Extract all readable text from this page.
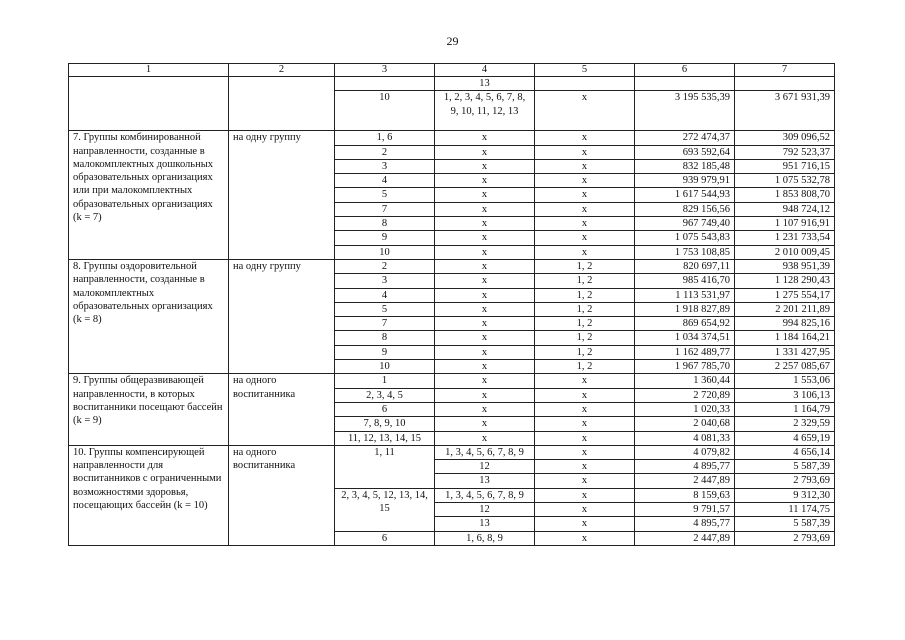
29
1	2	3	4	5	6	7
			13			
		10	1, 2, 3, 4, 5, 6, 7, 8, 9, 10, 11, 12, 13	x	3 195 535,39	3 671 931,39
7. Группы комбинированной направленности, созданные в малокомплектных дошкольных образовательных организациях или при малокомплектных образовательных организациях (k = 7)	на одну группу	1, 6	x	x	272 474,37	309 096,52
		2	x	x	693 592,64	792 523,37
		3	x	x	832 185,48	951 716,15
		4	x	x	939 979,91	1 075 532,78
		5	x	x	1 617 544,93	1 853 808,70
		7	x	x	829 156,56	948 724,12
		8	x	x	967 749,40	1 107 916,91
		9	x	x	1 075 543,83	1 231 733,54
		10	x	x	1 753 108,85	2 010 009,45
8. Группы оздоровительной направленности, созданные в малокомплектных образовательных организациях (k = 8)	на одну группу	2	x	1, 2	820 697,11	938 951,39
		3	x	1, 2	985 416,70	1 128 290,43
		4	x	1, 2	1 113 531,97	1 275 554,17
		5	x	1, 2	1 918 827,89	2 201 211,89
		7	x	1, 2	869 654,92	994 825,16
		8	x	1, 2	1 034 374,51	1 184 164,21
		9	x	1, 2	1 162 489,77	1 331 427,95
		10	x	1, 2	1 967 785,70	2 257 085,67
9. Группы общеразвивающей направленности, в которых воспитанники посещают бассейн (k = 9)	на одного воспитанника	1	x	x	1 360,44	1 553,06
		2, 3, 4, 5	x	x	2 720,89	3 106,13
		6	x	x	1 020,33	1 164,79
		7, 8, 9, 10	x	x	2 040,68	2 329,59
		11, 12, 13, 14, 15	x	x	4 081,33	4 659,19
10. Группы компенсирующей направленности для воспитанников с ограниченными возможностями здоровья, посещающих бассейн (k = 10)	на одного воспитанника	1, 11	1, 3, 4, 5, 6, 7, 8, 9	x	4 079,82	4 656,14
			12	x	4 895,77	5 587,39
			13	x	2 447,89	2 793,69
		2, 3, 4, 5, 12, 13, 14, 15	1, 3, 4, 5, 6, 7, 8, 9	x	8 159,63	9 312,30
			12	x	9 791,57	11 174,75
			13	x	4 895,77	5 587,39
		6	1, 6, 8, 9	x	2 447,89	2 793,69
